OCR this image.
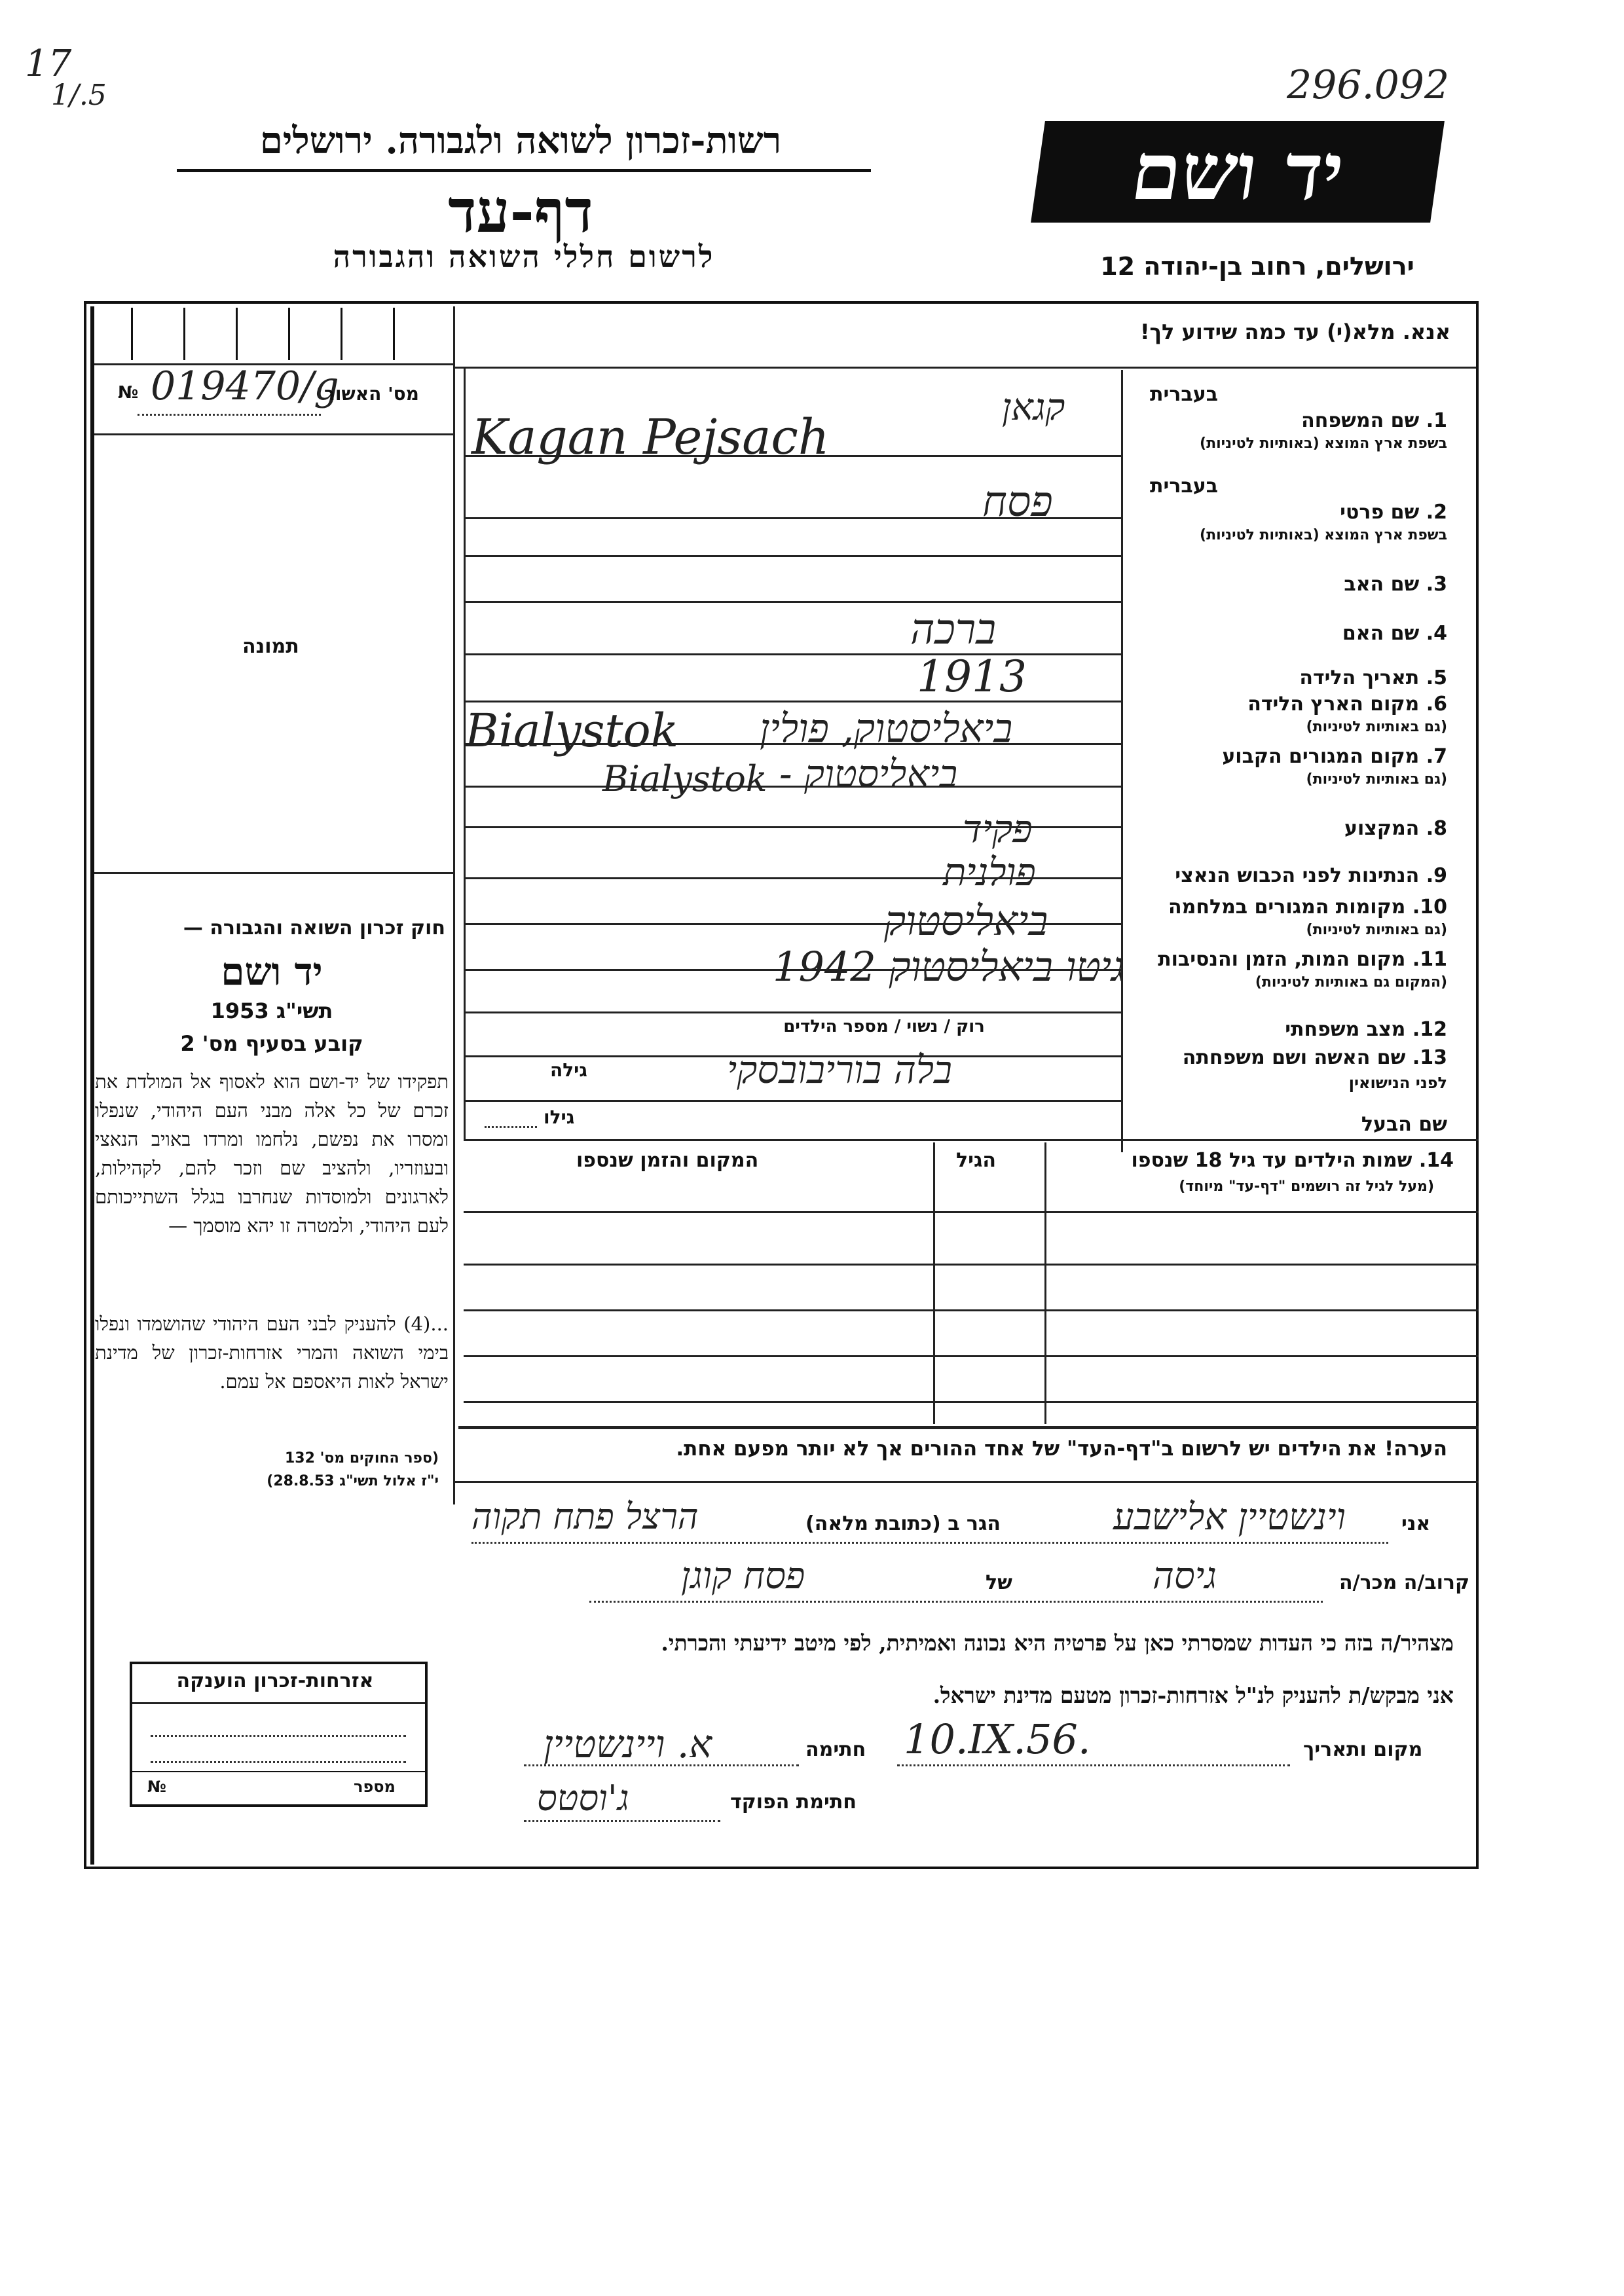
17
1/.5	296.092
רשות-זכרון לשואה ולגבורה. ירושלים
דף-עד
לרשום חללי השואה והגבורה
יד ושם
ירושלים, רחוב בן-יהודה 12
№ 019470/g
מס' האשור
תמונה
חוק זכרון השואה והגבורה —
יד ושם
תשי"ג 1953
קובע בסעיף מס' 2
תפקידו של יד-ושם הוא לאסוף אל המולדת את זכרם של כל אלה מבני העם היהודי, שנפלו ומסרו את נפשם, נלחמו ומרדו באויב הנאצי ובעוזריו, ולהציב שם וזכר להם, לקהילות, לארגונים ולמוסדות שנחרבו בגלל השתייכותם לעם היהודי, ולמטרה זו יהא מוסמך —
...(4) להעניק לבני העם היהודי שהושמדו ונפלו בימי השואה והמרי אזרחות-זכרון של מדינת ישראל לאות היאספם אל עמם.
(ספר החוקים מס' 132
י"ז אלול תשי"ג 28.8.53)
אנא. מלא(י) עד כמה שידוע לך!
בעברית
1. שם המשפחה
בשפת ארץ המוצא (באותיות לטיניות)
בעברית
2. שם פרטי
בשפת ארץ המוצא (באותיות לטיניות)
3. שם האב
4. שם האם
5. תאריך הלידה
6. מקום הארץ הלידה
(גם באותיות לטיניות)
7. מקום המגורים הקבוע
(גם באותיות לטיניות)
8. המקצוע
9. הנתינות לפני הכבוש הנאצי
10. מקומות המגורים במלחמה
(גם באותיות לטיניות)
11. מקום המות, הזמן והנסיבות
(המקום גם באותיות לטיניות)
12. מצב משפחתי
13. שם האשה ושם משפחתה
לפני הנישואין
שם הבעל
Kagan Pejsach
קגאן
פסח
ברכה
1913
Bialystok ביאליסטוק, פולין
Bialystok ביאליסטוק -
פקיד
פולנית
ביאליסטוק
גיטו ביאליסטוק 1942
רוק / נשוי / מספר הילדים
בלה בוריבובסקי
גילה
גילו
14. שמות הילדים עד גיל 18 שנספו
(מעל לגיל זה רושמים "דף-עד" מיוחד)
הגיל
המקום והזמן שנספו
הערה! את הילדים יש לרשום ב"דף-העד" של אחד ההורים אך לא יותר מפעם אחת.
אני
וינשטיין אלישבע
הגר ב (כתובת מלאה)
הרצל פתח תקוה
קרוב/ה מכר/ה
גיסה
של
פסח קוגן
מצהיר/ה בזה כי העדות שמסרתי כאן על פרטיה היא נכונה ואמיתית, לפי מיטב ידיעתי והכרתי.
אני מבקש/ת להעניק לנ"ל אזרחות-זכרון מטעם מדינת ישראל.
מקום ותאריך
10.IX.56.
חתימה
א. ויינשטיין
חתימת הפוקד
ג'וסטס
אזרחות-זכרון הוענקה
№	מספר
